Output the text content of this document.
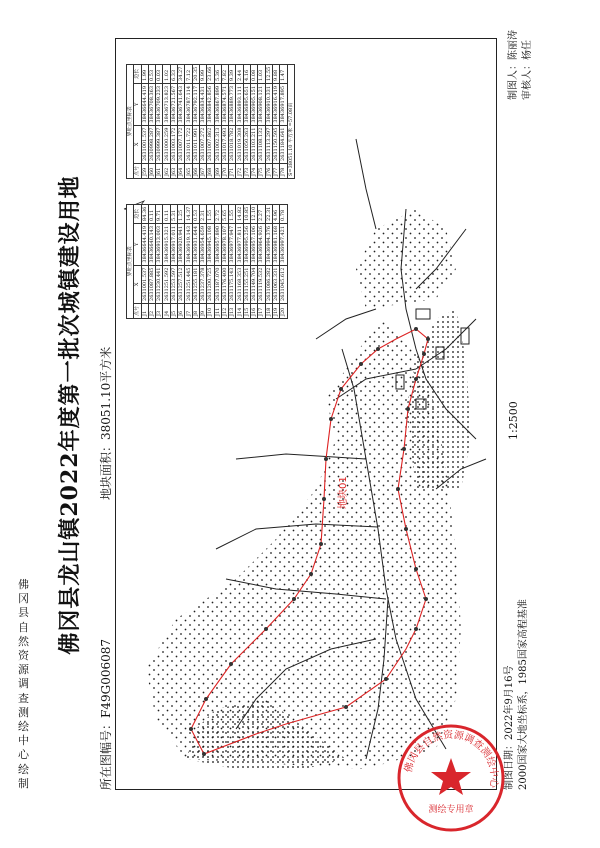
佛冈县龙山镇2022年度第一批次城镇建设用地
所在图幅号：F49G006087
地块面积：38051.10平方米
地块01
界址点坐标表			
点号	X	Y	边长
J1	2631001.537	38436644.419	84.36
J2	2631087.885	38436640.143	0.11
J3	2631230.441	38436913.003	9.71
J4	2631251.592	38436915.321	0.11
J5	2631253.597	38436917.011	5.31
J6	2631257.512	38436920.941	1.25
J7	2631251.445	38436919.143	14.37
J8	2631255.181	38436931.644	0.53
J9	2631237.378	38436954.659	2.31
J10	2631200.725	38436945.108	1.55
J11	2631187.070	38436957.890	2.72
J12	2631176.400	38436978.107	5.65
J13	2631175.143	38436977.947	1.55
J14	2631168.353	38436977.811	14.82
J15	2631155.251	38436995.256	10.85
J16	2631149.704	38436957.106	12.10
J17	2631119.532	38436964.926	2.27
J18	2631086.282	38436994.376	22.31
J19	2631063.331	38436981.168	4.96
J20	2631045.612	38436997.421	0.78
界址点坐标表			
点号	X	Y	边长
J59	2631001.537	38436644.419	1.99
J60	2630998.287	38436708.363	0.53
J61	2630999.387	38436709.233	0.03
J62	2631000.259	38436713.823	1.02
J63	2631003.172	38436721.567	6.33
J64	2631007.172	38436741.643	34.27
J65	2631011.722	38436787.114	7.12
J66	2631011.991	38436792.117	20.35
J67	2631007.272	38436834.431	9.99
J68	2631007.862	38436842.856	23.66
J69	2631002.313	38436867.899	5.36
J70	2631017.493	38436874.571	7.82
J71	2631018.782	38436889.773	9.39
J72	2631019.308	38436893.111	2.44
J73	2631050.263	38436895.651	4.16
J74	2631103.211	38436905.151	0.08
J75	2631108.132	38436908.121	1.03
J76	2631113.297	38436910.331	12.55
J77	2631150.595	38436916.419	9.88
J78	2631184.641	38436917.895	1.47
S=38051.10 平方米 =57.08亩			
制图日期：2022年9月16号 2000国家大地坐标系，1985国家高程基准
1:2500
制图人：陈丽涛 审核人：杨任
佛冈县自然资源调查测绘中心绘制
佛冈县自然资源调查测绘中心
测绘专用章
